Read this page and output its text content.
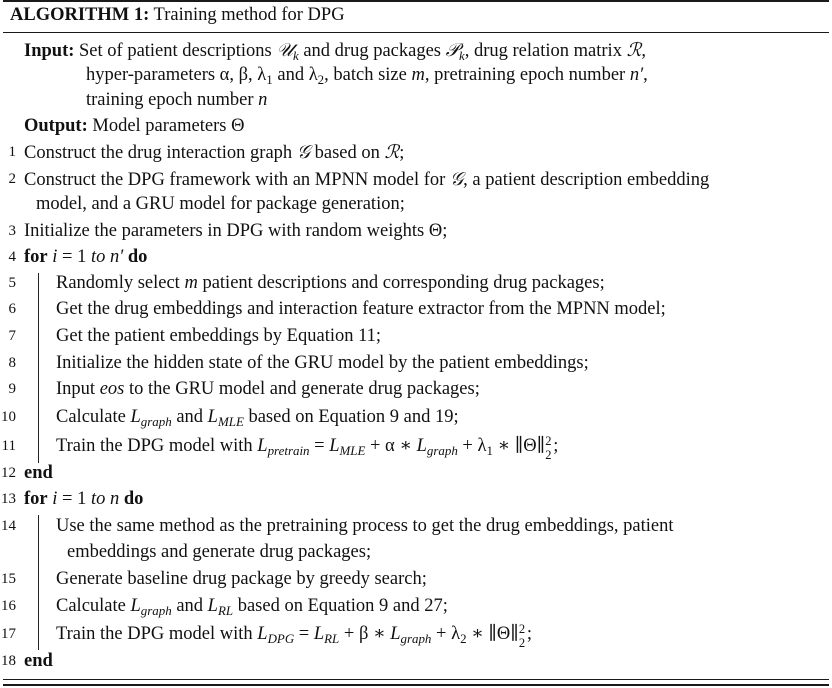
ALGORITHM 1: Training method for DPG
Input: Set of patient descriptions 𝒰$_k$ and drug packages 𝒫$_k$, drug relation matrix ℛ,
hyper-parameters α, β, $\lambda_1$ and $\lambda_2$, batch size m, pretraining epoch number n′,
training epoch number n
Output: Model parameters Θ
1 Construct the drug interaction graph 𝒢 based on ℛ;
2 Construct the DPG framework with an MPNN model for 𝒢, a patient description embedding
model, and a GRU model for package generation;
3 Initialize the parameters in DPG with random weights Θ;
4 for i = 1 to n′ do
5 Randomly select m patient descriptions and corresponding drug packages;
6 Get the drug embeddings and interaction feature extractor from the MPNN model;
7 Get the patient embeddings by Equation 11;
8 Initialize the hidden state of the GRU model by the patient embeddings;
9 Input eos to the GRU model and generate drug packages;
10 Calculate $L_{graph}$ and $L_{MLE}$ based on Equation 9 and 19;
11 Train the DPG model with $L_{pretrain} = L_{MLE} + \alpha$ ∗ $L_{graph} + \lambda_1$ ∗ ∥Θ∥ 2
2 ;
12 end
13 for i = 1 to n do
14 Use the same method as the pretraining process to get the drug embeddings, patient
embeddings and generate drug packages;
15 Generate baseline drug package by greedy search;
16 Calculate $L_{graph}$ and $L_{RL}$ based on Equation 9 and 27;
17 Train the DPG model with $L_{DPG} = L_{RL} + \beta$ ∗ $L_{graph} + \lambda_2$ ∗ ∥Θ∥ 2
2 ;
18 end
